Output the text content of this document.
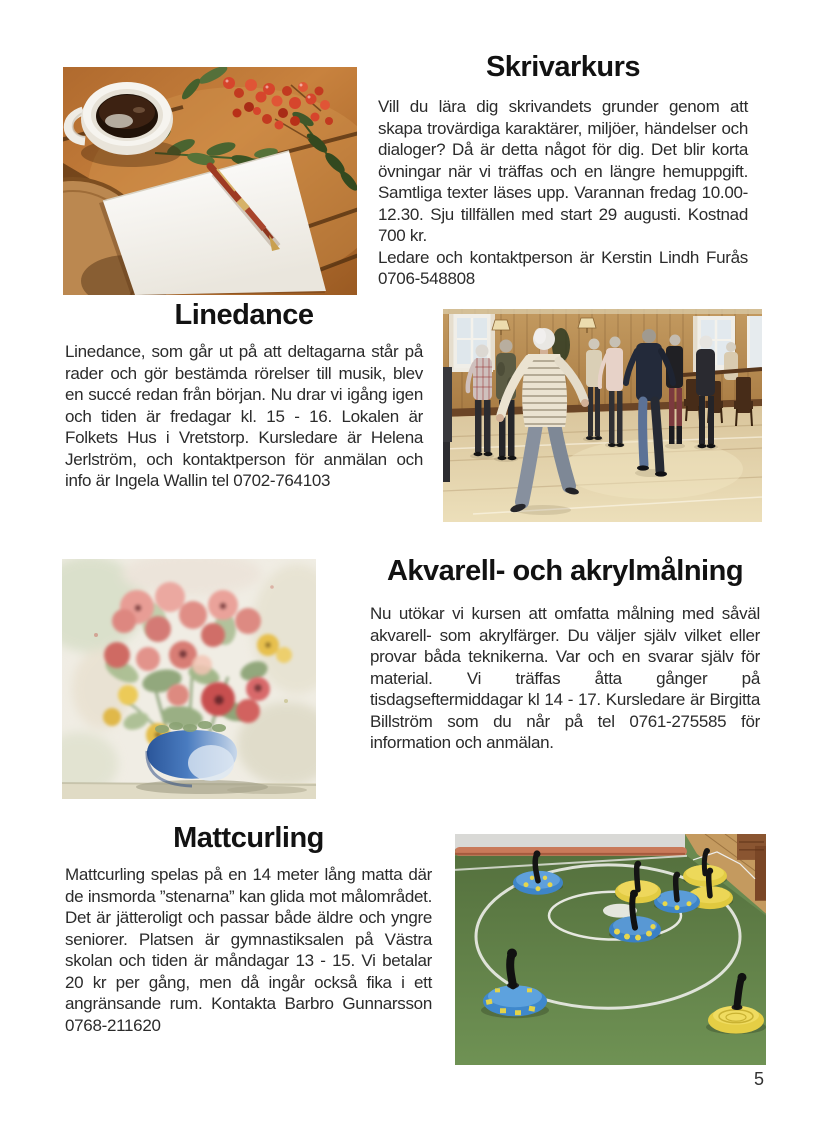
Skrivarkurs

Vill du lära dig skrivandets grunder genom att skapa trovärdiga karaktärer, miljöer, händelser och dialoger? Då är detta något för dig. Det blir korta övningar när vi träffas och en längre hemuppgift. Samtliga texter läses upp. Varannan fredag 10.00-12.30. Sju tillfällen med start 29 augusti. Kostnad 700 kr.

Ledare och kontaktperson är Kerstin Lindh Furås 0706-548808

Linedance

Linedance, som går ut på att deltagarna står på rader och gör bestämda rörelser till musik, blev en succé redan från början. Nu drar vi igång igen och tiden är fredagar kl. 15 - 16. Lokalen är Folkets Hus i Vretstorp. Kursledare är Helena Jerlström, och kontaktperson för anmälan och info är Ingela Wallin tel 0702-764103

Akvarell- och akrylmålning

Nu utökar vi kursen att omfatta målning med såväl akvarell- som akrylfärger. Du väljer själv vilket eller provar båda teknikerna. Var och en svarar själv för material. Vi träffas åtta gånger på tisdagseftermiddagar kl 14 - 17. Kursledare är Birgitta Billström som du når på tel 0761-275585 för information och anmälan.

Mattcurling

Mattcurling spelas på en 14 meter lång matta där de insmorda ”stenarna” kan glida mot målområdet. Det är jätteroligt och passar både äldre och yngre seniorer. Platsen är gymnastiksalen på Västra skolan och tiden är måndagar 13 - 15. Vi betalar 20 kr per gång, men då ingår också fika i ett angränsande rum. Kontakta Barbro Gunnarsson 0768-211620

5
